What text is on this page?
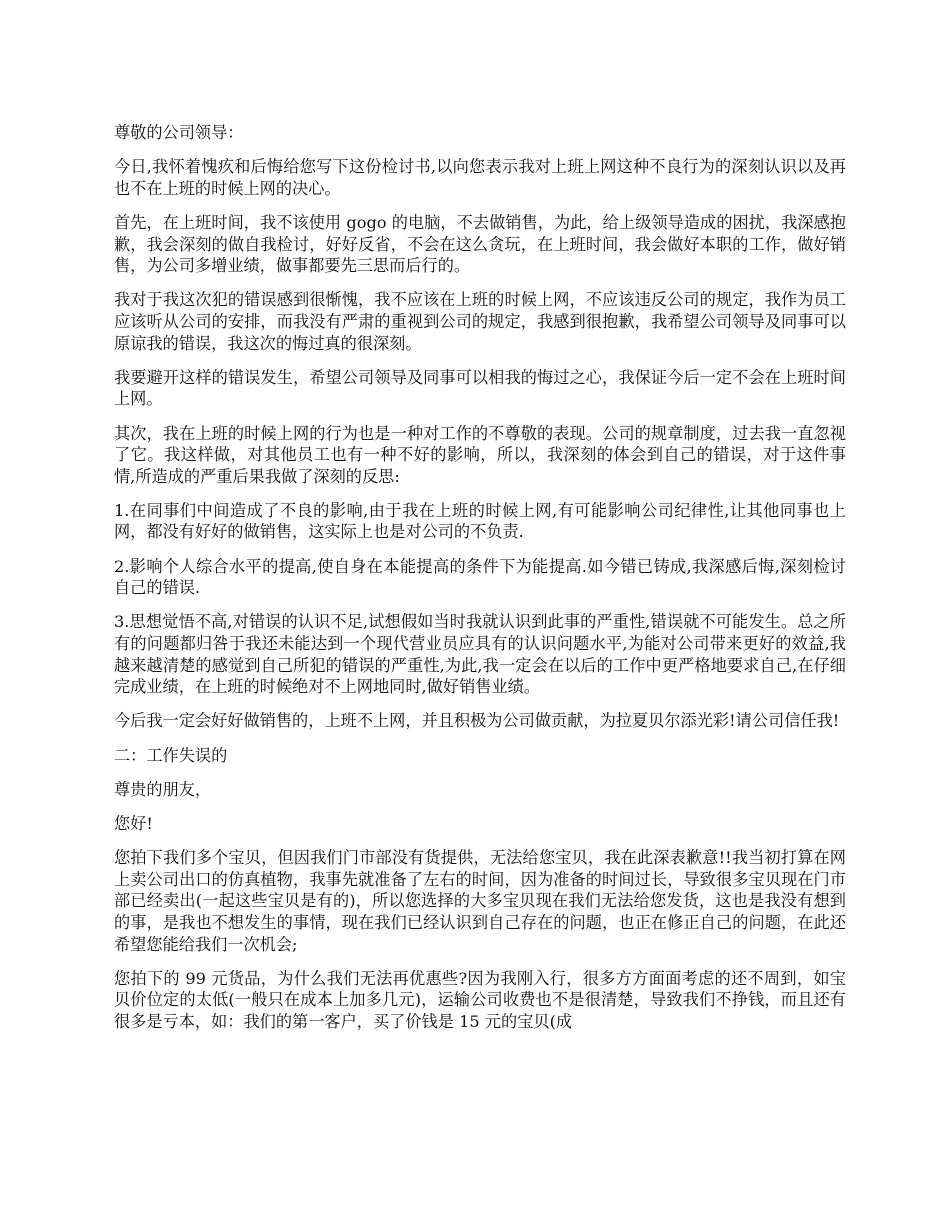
尊敬的公司领导：

今日,我怀着愧疚和后悔给您写下这份检讨书,以向您表示我对上班上网这种不良行为的深刻认识以及再也不在上班的时候上网的决心。

首先，在上班时间，我不该使用 gogo 的电脑，不去做销售，为此，给上级领导造成的困扰，我深感抱歉，我会深刻的做自我检讨，好好反省，不会在这么贪玩，在上班时间，我会做好本职的工作，做好销售，为公司多增业绩，做事都要先三思而后行的。

我对于我这次犯的错误感到很惭愧，我不应该在上班的时候上网，不应该违反公司的规定，我作为员工应该听从公司的安排，而我没有严肃的重视到公司的规定，我感到很抱歉，我希望公司领导及同事可以原谅我的错误，我这次的悔过真的很深刻。

我要避开这样的错误发生，希望公司领导及同事可以相我的悔过之心，我保证今后一定不会在上班时间上网。

其次，我在上班的时候上网的行为也是一种对工作的不尊敬的表现。公司的规章制度，过去我一直忽视了它。我这样做，对其他员工也有一种不好的影响，所以，我深刻的体会到自己的错误，对于这件事情,所造成的严重后果我做了深刻的反思:

1.在同事们中间造成了不良的影响,由于我在上班的时候上网,有可能影响公司纪律性,让其他同事也上网，都没有好好的做销售，这实际上也是对公司的不负责.

2.影响个人综合水平的提高,使自身在本能提高的条件下为能提高.如今错已铸成,我深感后悔,深刻检讨自己的错误.

3.思想觉悟不高,对错误的认识不足,试想假如当时我就认识到此事的严重性,错误就不可能发生。总之所有的问题都归咎于我还未能达到一个现代营业员应具有的认识问题水平,为能对公司带来更好的效益,我越来越清楚的感觉到自己所犯的错误的严重性,为此,我一定会在以后的工作中更严格地要求自己,在仔细完成业绩，在上班的时候绝对不上网地同时,做好销售业绩。

今后我一定会好好做销售的，上班不上网，并且积极为公司做贡献，为拉夏贝尔添光彩!请公司信任我!

二：工作失误的

尊贵的朋友，

您好!

您拍下我们多个宝贝，但因我们门市部没有货提供，无法给您宝贝，我在此深表歉意!!我当初打算在网上卖公司出口的仿真植物，我事先就准备了左右的时间，因为准备的时间过长，导致很多宝贝现在门市部已经卖出(一起这些宝贝是有的)，所以您选择的大多宝贝现在我们无法给您发货，这也是我没有想到的事，是我也不想发生的事情，现在我们已经认识到自己存在的问题，也正在修正自己的问题，在此还希望您能给我们一次机会;

您拍下的 99 元货品，为什么我们无法再优惠些?因为我刚入行，很多方方面面考虑的还不周到，如宝贝价位定的太低(一般只在成本上加多几元)，运输公司收费也不是很清楚，导致我们不挣钱，而且还有很多是亏本，如：我们的第一客户，买了价钱是 15 元的宝贝(成
